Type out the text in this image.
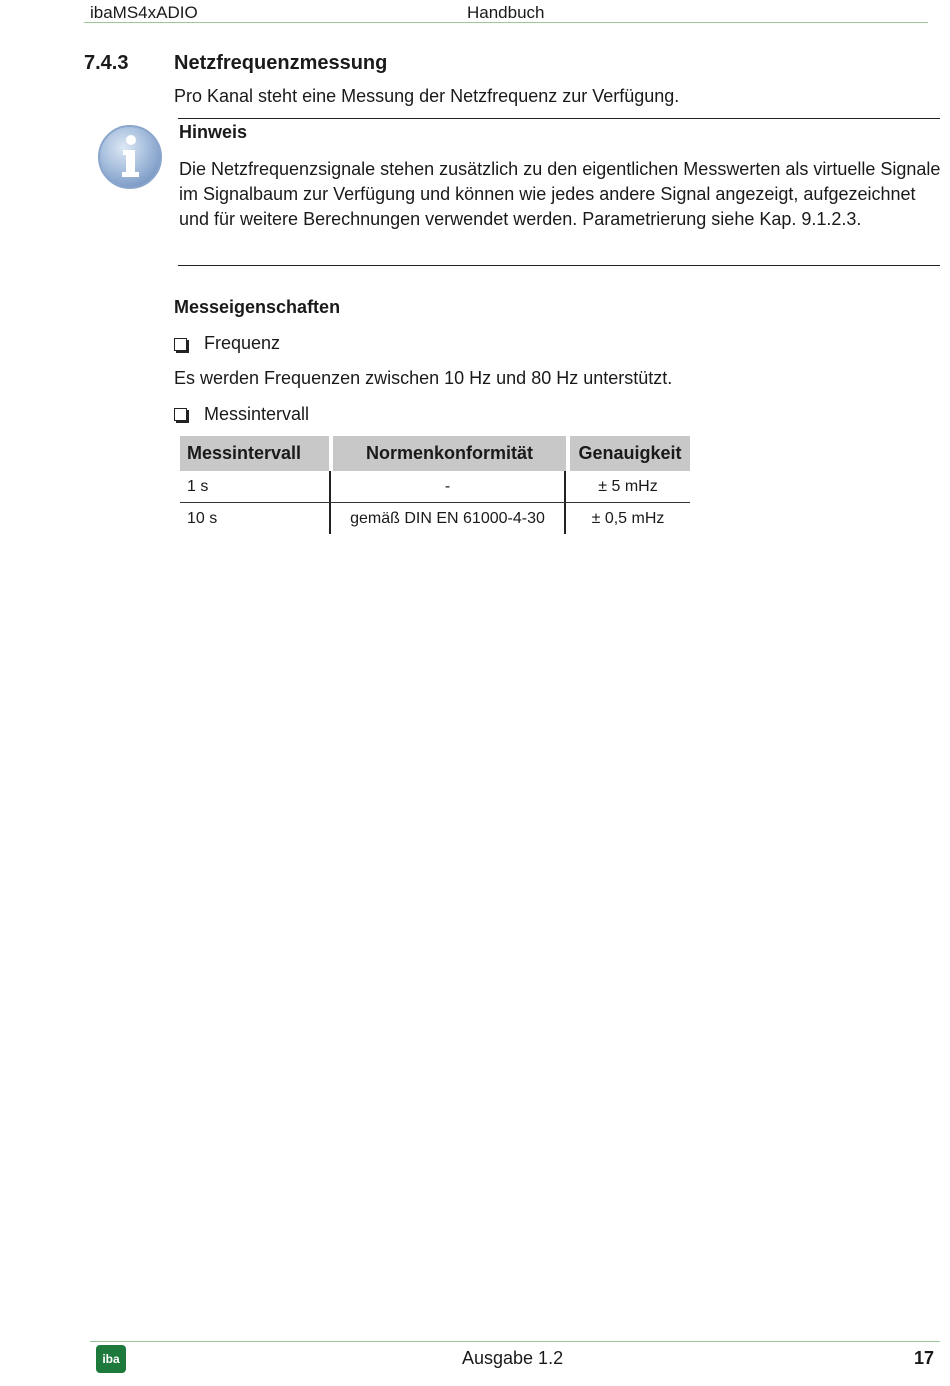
ibaMS4xADIO	Handbuch
7.4.3 Netzfrequenzmessung
Pro Kanal steht eine Messung der Netzfrequenz zur Verfügung.
Hinweis
Die Netzfrequenzsignale stehen zusätzlich zu den eigentlichen Messwerten als virtuelle Signale im Signalbaum zur Verfügung und können wie jedes andere Signal angezeigt, aufgezeichnet und für weitere Berechnungen verwendet werden. Parametrierung siehe Kap. 9.1.2.3.
Messeigenschaften
Frequenz
Es werden Frequenzen zwischen 10 Hz und 80 Hz unterstützt.
Messintervall
Messintervall	Normenkonformität	Genauigkeit
1 s	-	± 5 mHz
10 s	gemäß DIN EN 61000-4-30	± 0,5 mHz
iba	Ausgabe 1.2	17
